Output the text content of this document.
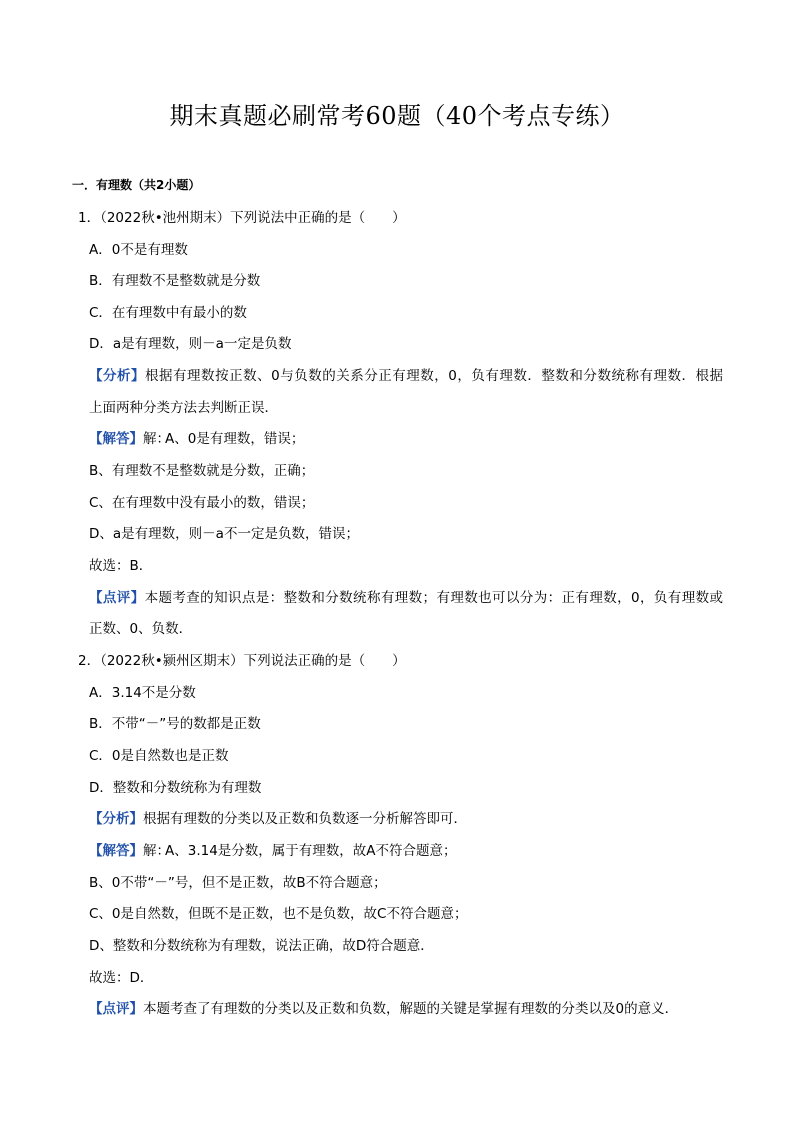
期末真题必刷常考60题（40个考点专练）
一．有理数（共2小题）
1．（2022秋•池州期末）下列说法中正确的是（　　）
A．0不是有理数
B．有理数不是整数就是分数
C．在有理数中有最小的数
D．a是有理数，则－a一定是负数
【分析】根据有理数按正数、0与负数的关系分正有理数，0，负有理数．整数和分数统称有理数．根据
上面两种分类方法去判断正误．
【解答】解：
A、0是有理数，错误；
B、有理数不是整数就是分数，正确；
C、在有理数中没有最小的数，错误；
D、a是有理数，则－a不一定是负数，错误；
故选：B．
【点评】本题考查的知识点是：整数和分数统称有理数；有理数也可以分为：正有理数，0，负有理数或
正数、0、负数．
2．（2022秋•颍州区期末）下列说法正确的是（　　）
A．3.14不是分数
B．不带“－”号的数都是正数
C．0是自然数也是正数
D．整数和分数统称为有理数
【分析】根据有理数的分类以及正数和负数逐一分析解答即可．
【解答】解：
A、3.14是分数，属于有理数，故A不符合题意；
B、0不带“－”号，但不是正数，故B不符合题意；
C、0是自然数，但既不是正数，也不是负数，故C不符合题意；
D、整数和分数统称为有理数，说法正确，故D符合题意．
故选：D．
【点评】本题考查了有理数的分类以及正数和负数，解题的关键是掌握有理数的分类以及0的意义．
